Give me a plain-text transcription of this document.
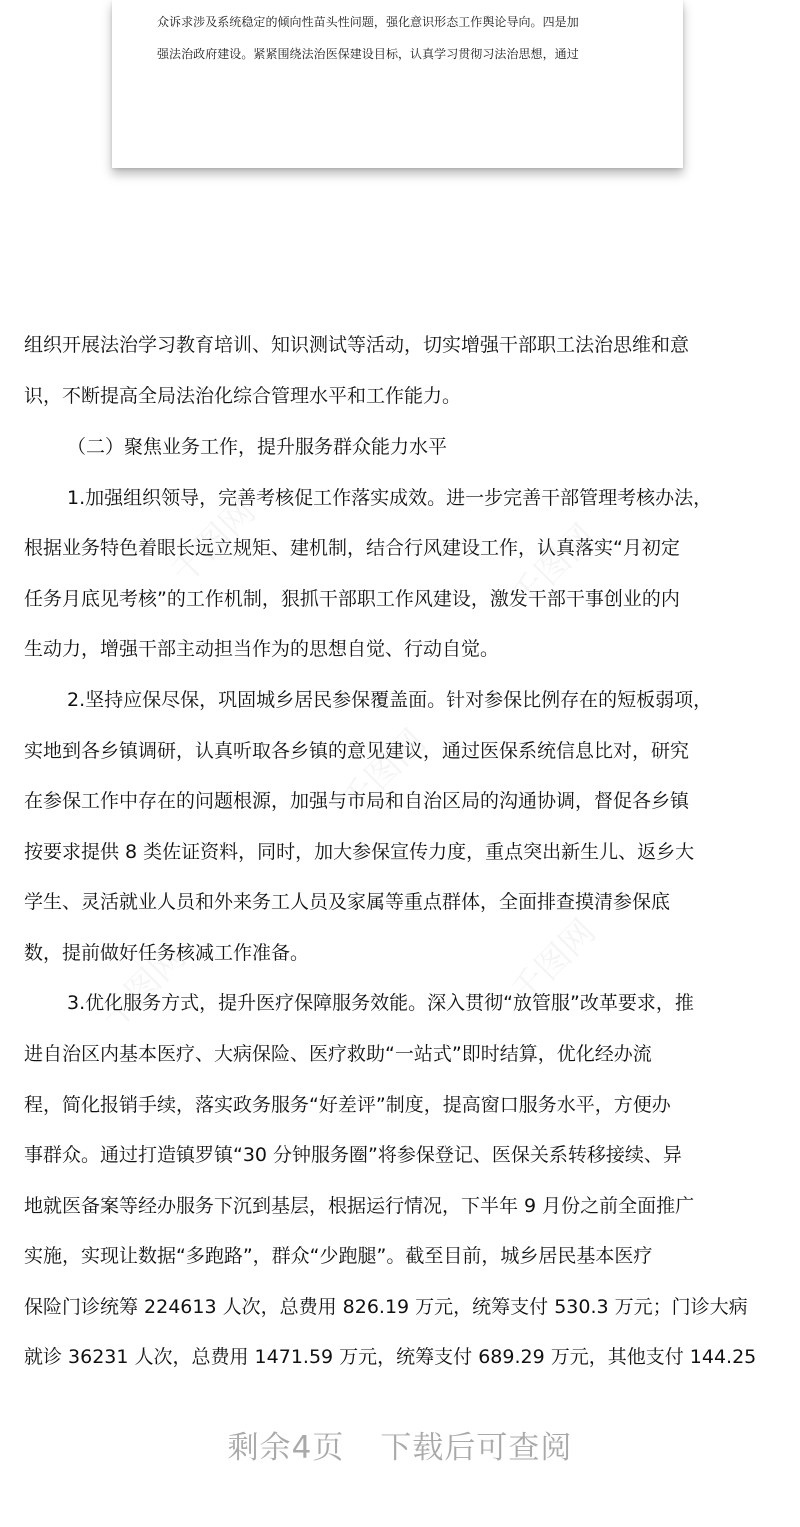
众诉求涉及系统稳定的倾向性苗头性问题，强化意识形态工作舆论导向。四是加
强法治政府建设。紧紧围绕法治医保建设目标，认真学习贯彻习法治思想，通过
组织开展法治学习教育培训、知识测试等活动，切实增强干部职工法治思维和意
识，不断提高全局法治化综合管理水平和工作能力。
（二）聚焦业务工作，提升服务群众能力水平
1.加强组织领导，完善考核促工作落实成效。进一步完善干部管理考核办法，
根据业务特色着眼长远立规矩、建机制，结合行风建设工作，认真落实“月初定
任务月底见考核”的工作机制，狠抓干部职工作风建设，激发干部干事创业的内
生动力，增强干部主动担当作为的思想自觉、行动自觉。
2.坚持应保尽保，巩固城乡居民参保覆盖面。针对参保比例存在的短板弱项，
实地到各乡镇调研，认真听取各乡镇的意见建议，通过医保系统信息比对，研究
在参保工作中存在的问题根源，加强与市局和自治区局的沟通协调，督促各乡镇
按要求提供 8 类佐证资料，同时，加大参保宣传力度，重点突出新生儿、返乡大
学生、灵活就业人员和外来务工人员及家属等重点群体，全面排查摸清参保底
数，提前做好任务核减工作准备。
3.优化服务方式，提升医疗保障服务效能。深入贯彻“放管服”改革要求，推
进自治区内基本医疗、大病保险、医疗救助“一站式”即时结算，优化经办流
程，简化报销手续，落实政务服务“好差评”制度，提高窗口服务水平，方便办
事群众。通过打造镇罗镇“30 分钟服务圈”将参保登记、医保关系转移接续、异
地就医备案等经办服务下沉到基层，根据运行情况，下半年 9 月份之前全面推广
实施，实现让数据“多跑路”，群众“少跑腿”。截至目前，城乡居民基本医疗
保险门诊统筹 224613 人次，总费用 826.19 万元，统筹支付 530.3 万元；门诊大病
就诊 36231 人次，总费用 1471.59 万元，统筹支付 689.29 万元，其他支付 144.25
剩余4页 下载后可查阅
